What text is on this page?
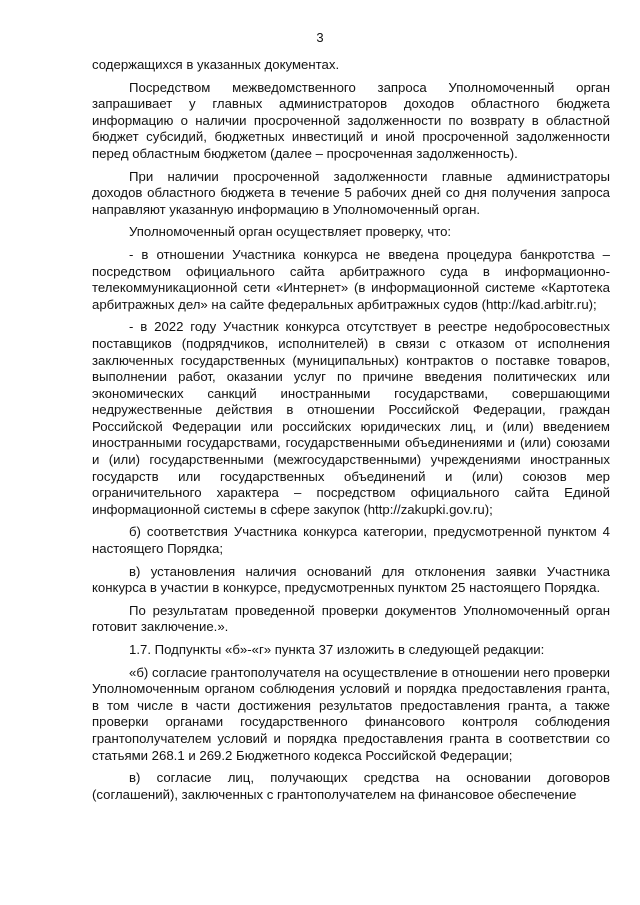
3

содержащихся в указанных документах.

Посредством межведомственного запроса Уполномоченный орган запрашивает у главных администраторов доходов областного бюджета информацию о наличии просроченной задолженности по возврату в областной бюджет субсидий, бюджетных инвестиций и иной просроченной задолженности перед областным бюджетом (далее – просроченная задолженность).

При наличии просроченной задолженности главные администраторы доходов областного бюджета в течение 5 рабочих дней со дня получения запроса направляют указанную информацию в Уполномоченный орган.

Уполномоченный орган осуществляет проверку, что:

- в отношении Участника конкурса не введена процедура банкротства – посредством официального сайта арбитражного суда в информационно-телекоммуникационной сети «Интернет» (в информационной системе «Картотека арбитражных дел» на сайте федеральных арбитражных судов (http://kad.arbitr.ru);

- в 2022 году Участник конкурса отсутствует в реестре недобросовестных поставщиков (подрядчиков, исполнителей) в связи с отказом от исполнения заключенных государственных (муниципальных) контрактов о поставке товаров, выполнении работ, оказании услуг по причине введения политических или экономических санкций иностранными государствами, совершающими недружественные действия в отношении Российской Федерации, граждан Российской Федерации или российских юридических лиц, и (или) введением иностранными государствами, государственными объединениями и (или) союзами и (или) государственными (межгосударственными) учреждениями иностранных государств или государственных объединений и (или) союзов мер ограничительного характера – посредством официального сайта Единой информационной системы в сфере закупок (http://zakupki.gov.ru);

б) соответствия Участника конкурса категории, предусмотренной пунктом 4 настоящего Порядка;

в) установления наличия оснований для отклонения заявки Участника конкурса в участии в конкурсе, предусмотренных пунктом 25 настоящего Порядка.

По результатам проведенной проверки документов Уполномоченный орган готовит заключение.».

1.7. Подпункты «б»-«г» пункта 37 изложить в следующей редакции:

«б) согласие грантополучателя на осуществление в отношении него проверки Уполномоченным органом соблюдения условий и порядка предоставления гранта, в том числе в части достижения результатов предоставления гранта, а также проверки органами государственного финансового контроля соблюдения грантополучателем условий и порядка предоставления гранта в соответствии со статьями 268.1 и 269.2 Бюджетного кодекса Российской Федерации;

в) согласие лиц, получающих средства на основании договоров (соглашений), заключенных с грантополучателем на финансовое обеспечение
